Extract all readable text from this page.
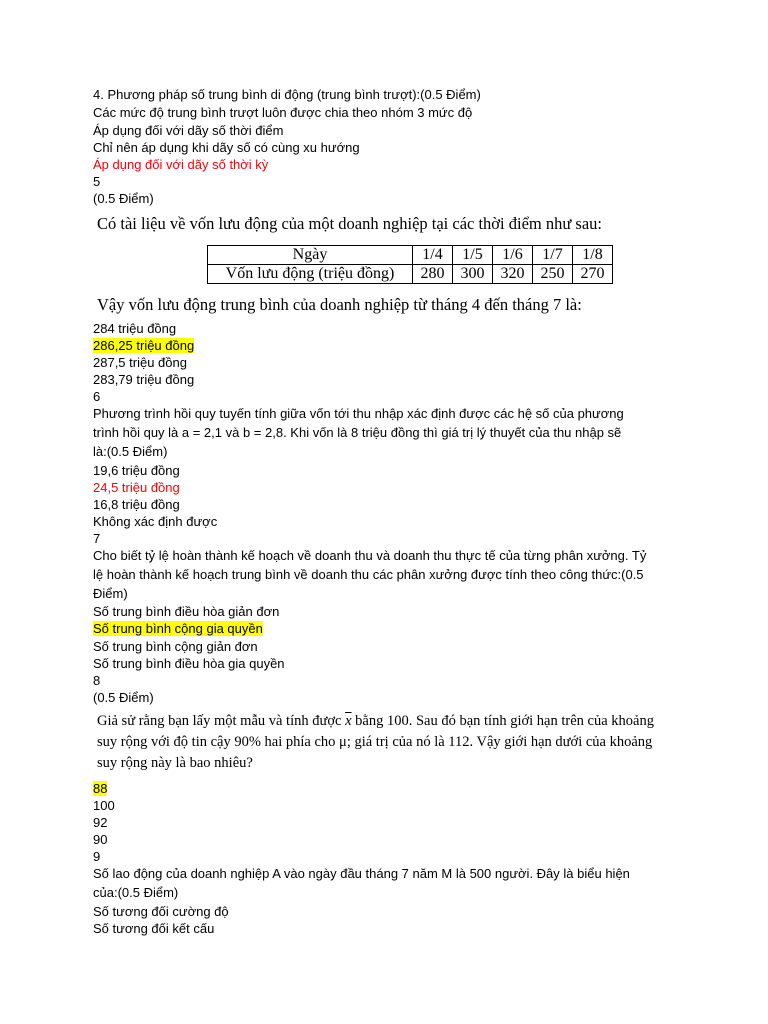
4. Phương pháp số trung bình di động (trung bình trượt):(0.5 Điểm)
Các mức độ trung bình trượt luôn được chia theo nhóm 3 mức độ
Áp dụng đối với dãy số thời điểm
Chỉ nên áp dụng khi dãy số có cùng xu hướng
Áp dụng đối với dãy số thời kỳ
5
(0.5 Điểm)
Có tài liệu về vốn lưu động của một doanh nghiệp tại các thời điểm như sau:
Ngày	1/4	1/5	1/6	1/7	1/8
Vốn lưu động (triệu đồng)	280	300	320	250	270
Vậy vốn lưu động trung bình của doanh nghiệp từ tháng 4 đến tháng 7 là:
284 triệu đồng
286,25 triệu đồng
287,5 triệu đồng
283,79 triệu đồng
6
Phương trình hồi quy tuyến tính giữa vốn tới thu nhập xác định được các hệ số của phương
trình hồi quy là a = 2,1 và b = 2,8. Khi vốn là 8 triệu đồng thì giá trị lý thuyết của thu nhập sẽ
là:(0.5 Điểm)
19,6 triệu đồng
24,5 triệu đồng
16,8 triệu đồng
Không xác định được
7
Cho biết tỷ lệ hoàn thành kế hoạch về doanh thu và doanh thu thực tế của từng phân xưởng. Tỷ
lệ hoàn thành kế hoạch trung bình về doanh thu các phân xưởng được tính theo công thức:(0.5
Điểm)
Số trung bình điều hòa giản đơn
Số trung bình cộng gia quyền
Số trung bình cộng giản đơn
Số trung bình điều hòa gia quyền
8
(0.5 Điểm)
Giả sử rằng bạn lấy một mẫu và tính được $\overline{x}$ bằng 100. Sau đó bạn tính giới hạn trên của khoảng
suy rộng với độ tin cậy 90% hai phía cho μ; giá trị của nó là 112. Vậy giới hạn dưới của khoảng
suy rộng này là bao nhiêu?
88
100
92
90
9
Số lao động của doanh nghiệp A vào ngày đầu tháng 7 năm M là 500 người. Đây là biểu hiện
của:(0.5 Điểm)
Số tương đối cường độ
Số tương đối kết cấu
